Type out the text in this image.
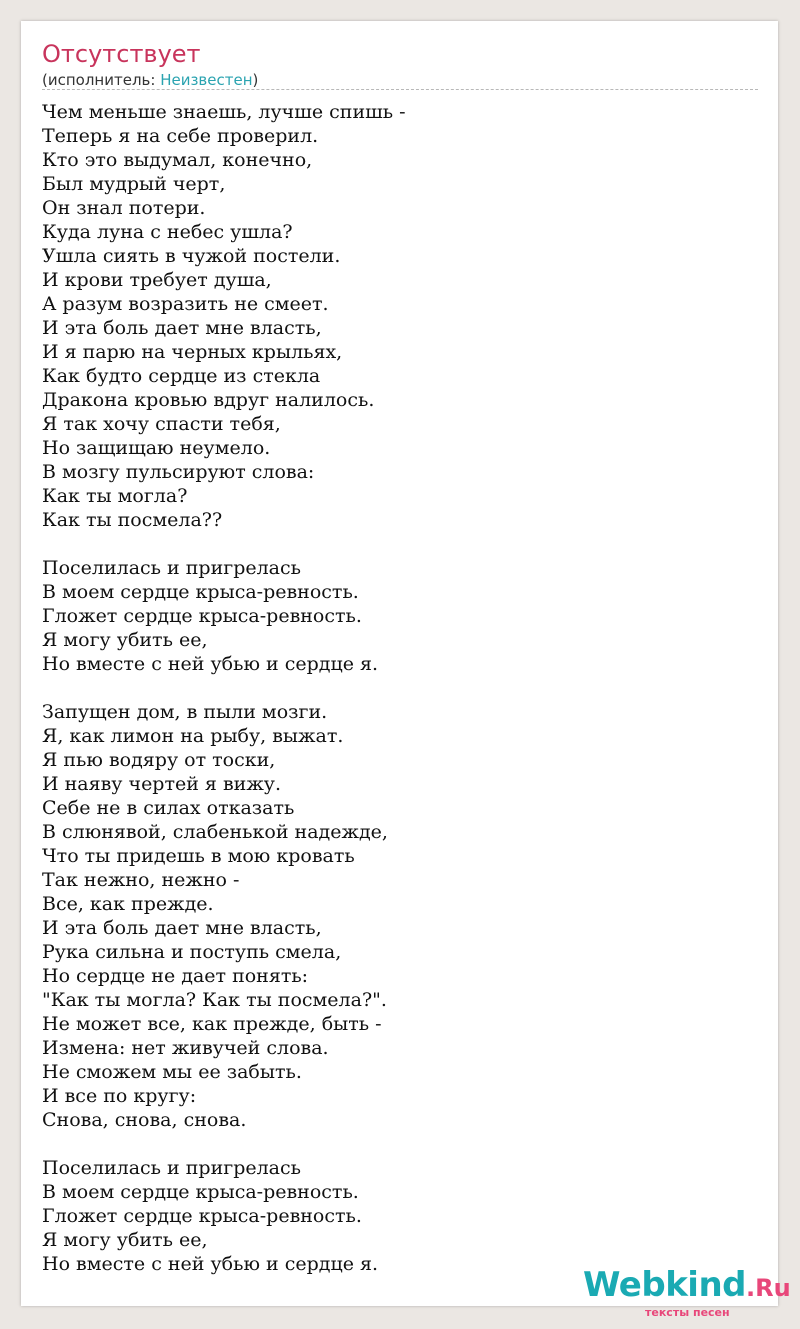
Отсутствует
(исполнитель: Неизвестен)
Чем меньше знаешь, лучше спишь -
Теперь я на себе проверил.
Кто это выдумал, конечно,
Был мудрый черт,
Он знал потери.
Куда луна с небес ушла?
Ушла сиять в чужой постели.
И крови требует душа,
А разум возразить не смеет.
И эта боль дает мне власть,
И я парю на черных крыльях,
Как будто сердце из стекла
Дракона кровью вдруг налилось.
Я так хочу спасти тебя,
Но защищаю неумело.
В мозгу пульсируют слова:
Как ты могла?
Как ты посмела??
Поселилась и пригрелась
В моем сердце крыса-ревность.
Гложет сердце крыса-ревность.
Я могу убить ее,
Но вместе с ней убью и сердце я.
Запущен дом, в пыли мозги.
Я, как лимон на рыбу, выжат.
Я пью водяру от тоски,
И наяву чертей я вижу.
Себе не в силах отказать
В слюнявой, слабенькой надежде,
Что ты придешь в мою кровать
Так нежно, нежно -
Все, как прежде.
И эта боль дает мне власть,
Рука сильна и поступь смела,
Но сердце не дает понять:
"Как ты могла? Как ты посмела?".
Не может все, как прежде, быть -
Измена: нет живучей слова.
Не сможем мы ее забыть.
И все по кругу:
Снова, снова, снова.
Поселилась и пригрелась
В моем сердце крыса-ревность.
Гложет сердце крыса-ревность.
Я могу убить ее,
Но вместе с ней убью и сердце я.
Webkind.Ru
тексты песен
